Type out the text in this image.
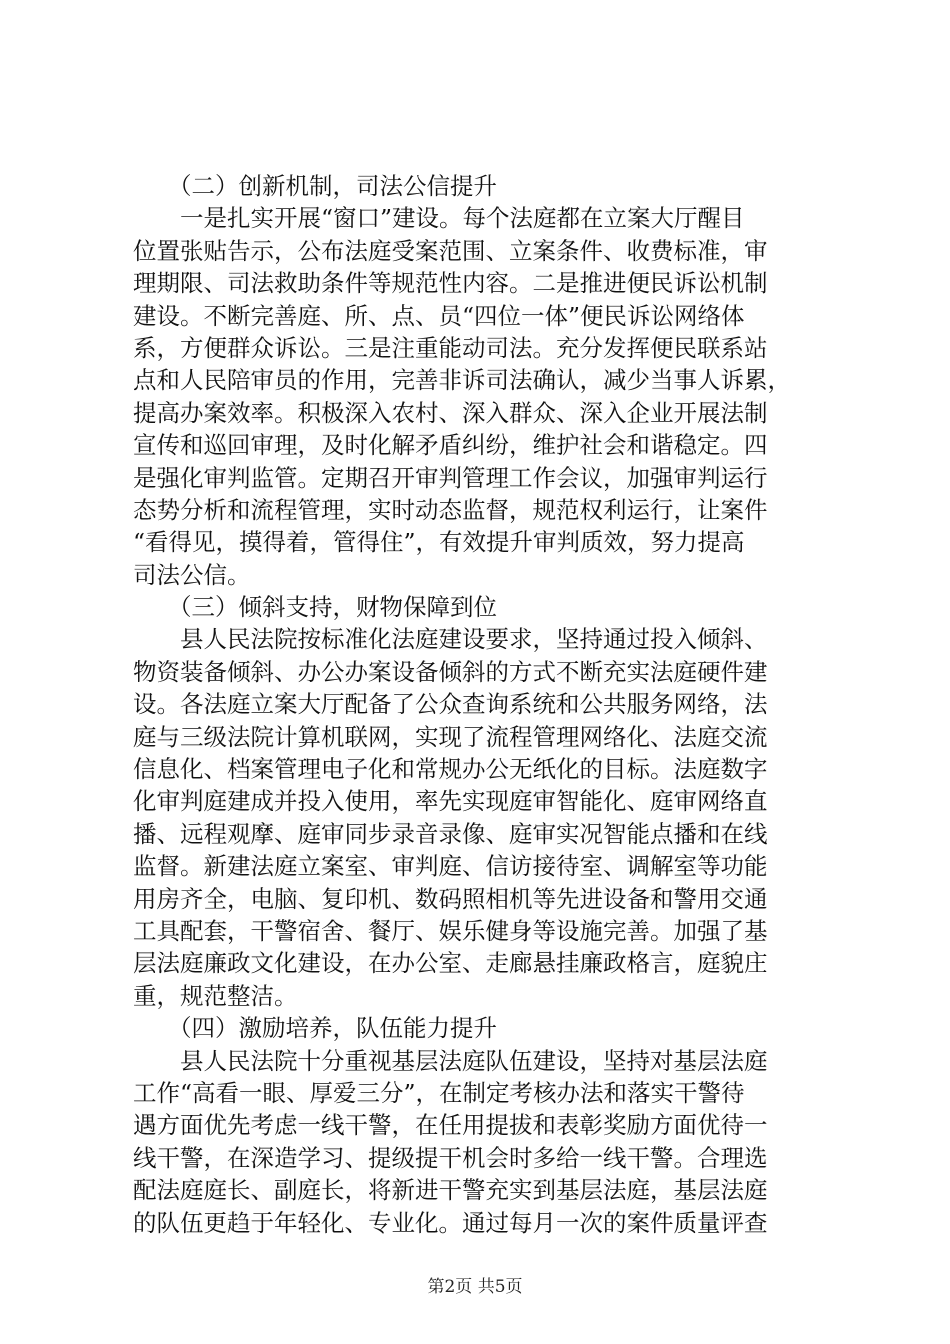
（二）创新机制，司法公信提升
一是扎实开展“窗口”建设。每个法庭都在立案大厅醒目
位置张贴告示，公布法庭受案范围、立案条件、收费标准，审
理期限、司法救助条件等规范性内容。二是推进便民诉讼机制
建设。不断完善庭、所、点、员“四位一体”便民诉讼网络体
系，方便群众诉讼。三是注重能动司法。充分发挥便民联系站
点和人民陪审员的作用，完善非诉司法确认，减少当事人诉累，
提高办案效率。积极深入农村、深入群众、深入企业开展法制
宣传和巡回审理，及时化解矛盾纠纷，维护社会和谐稳定。四
是强化审判监管。定期召开审判管理工作会议，加强审判运行
态势分析和流程管理，实时动态监督，规范权利运行，让案件
“看得见，摸得着，管得住”，有效提升审判质效，努力提高
司法公信。
（三）倾斜支持，财物保障到位
县人民法院按标准化法庭建设要求，坚持通过投入倾斜、
物资装备倾斜、办公办案设备倾斜的方式不断充实法庭硬件建
设。各法庭立案大厅配备了公众查询系统和公共服务网络，法
庭与三级法院计算机联网，实现了流程管理网络化、法庭交流
信息化、档案管理电子化和常规办公无纸化的目标。法庭数字
化审判庭建成并投入使用，率先实现庭审智能化、庭审网络直
播、远程观摩、庭审同步录音录像、庭审实况智能点播和在线
监督。新建法庭立案室、审判庭、信访接待室、调解室等功能
用房齐全，电脑、复印机、数码照相机等先进设备和警用交通
工具配套，干警宿舍、餐厅、娱乐健身等设施完善。加强了基
层法庭廉政文化建设，在办公室、走廊悬挂廉政格言，庭貌庄
重，规范整洁。
（四）激励培养，队伍能力提升
县人民法院十分重视基层法庭队伍建设，坚持对基层法庭
工作“高看一眼、厚爱三分”，在制定考核办法和落实干警待
遇方面优先考虑一线干警，在任用提拔和表彰奖励方面优待一
线干警，在深造学习、提级提干机会时多给一线干警。合理选
配法庭庭长、副庭长，将新进干警充实到基层法庭，基层法庭
的队伍更趋于年轻化、专业化。通过每月一次的案件质量评查
第2页 共5页
